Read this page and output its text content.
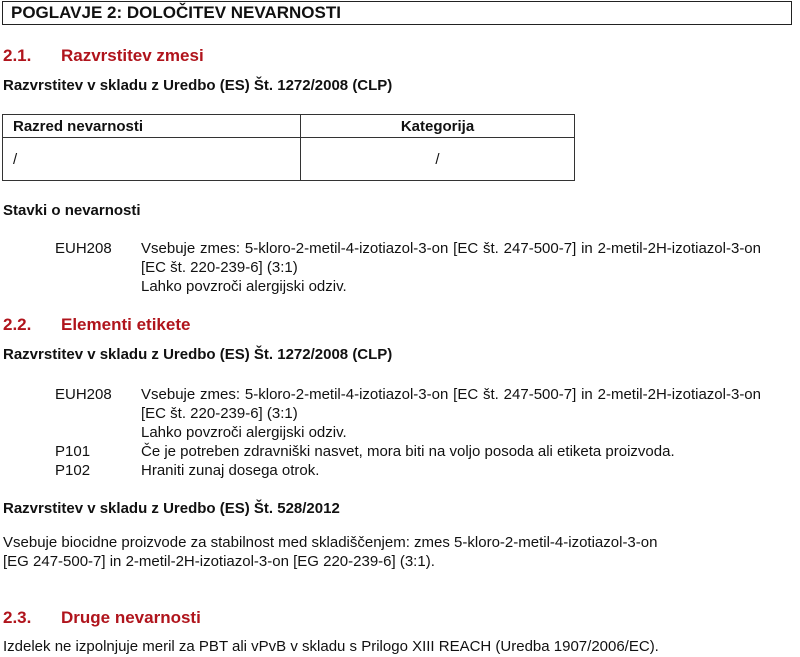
POGLAVJE 2: DOLOČITEV NEVARNOSTI
2.1. Razvrstitev zmesi
Razvrstitev v skladu z Uredbo (ES) Št. 1272/2008 (CLP)
Razred nevarnosti	Kategorija
/	/
Stavki o nevarnosti
EUH208 Vsebuje zmes: 5-kloro-2-metil-4-izotiazol-3-on [EC št. 247-500-7] in 2-metil-2H-izotiazol-3-on [EC št. 220-239-6] (3:1)
Lahko povzroči alergijski odziv.
2.2. Elementi etikete
Razvrstitev v skladu z Uredbo (ES) Št. 1272/2008 (CLP)
EUH208 Vsebuje zmes: 5-kloro-2-metil-4-izotiazol-3-on [EC št. 247-500-7] in 2-metil-2H-izotiazol-3-on [EC št. 220-239-6] (3:1)
Lahko povzroči alergijski odziv.
P101	Če je potreben zdravniški nasvet, mora biti na voljo posoda ali etiketa proizvoda.
P102	Hraniti zunaj dosega otrok.
Razvrstitev v skladu z Uredbo (ES) Št. 528/2012
Vsebuje biocidne proizvode za stabilnost med skladiščenjem: zmes 5-kloro-2-metil-4-izotiazol-3-on
[EG 247-500-7] in 2-metil-2H-izotiazol-3-on [EG 220-239-6] (3:1).
2.3. Druge nevarnosti
Izdelek ne izpolnjuje meril za PBT ali vPvB v skladu s Prilogo XIII REACH (Uredba 1907/2006/EC).
